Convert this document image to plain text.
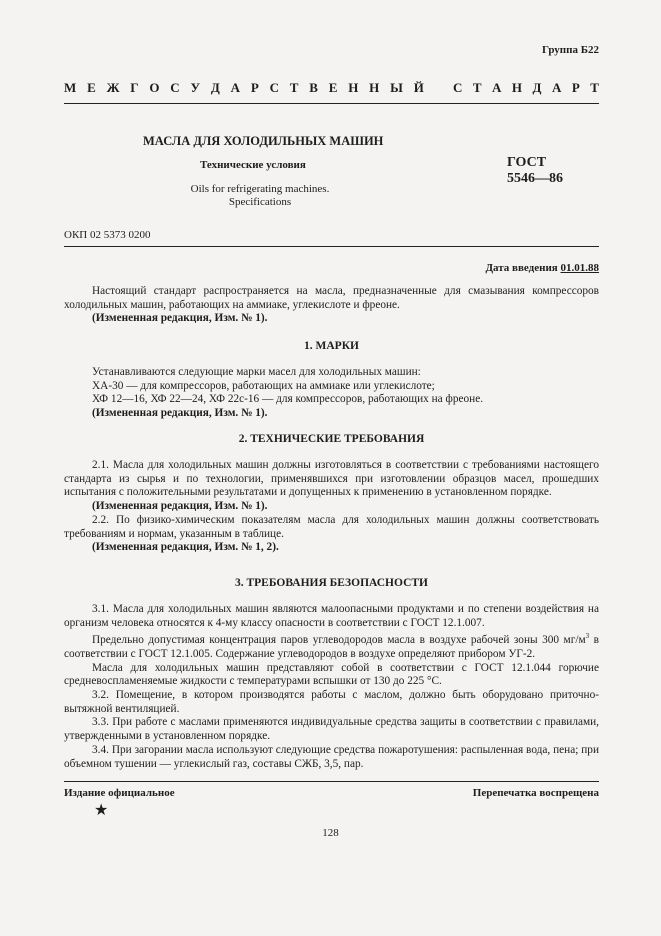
Группа Б22
М Е Ж Г О С У Д А Р С Т В Е Н Н Ы Й С Т А Н Д А Р Т
МАСЛА ДЛЯ ХОЛОДИЛЬНЫХ МАШИН
Технические условия
Oils for refrigerating machines.
Specifications
ГОСТ
5546—86
ОКП 02 5373 0200
Дата введения 01.01.88

Настоящий стандарт распространяется на масла, предназначенные для смазывания компрессоров холодильных машин, работающих на аммиаке, углекислоте и фреоне.

(Измененная редакция, Изм. № 1).

1. МАРКИ

Устанавливаются следующие марки масел для холодильных машин:

ХА-30 — для компрессоров, работающих на аммиаке или углекислоте;

ХФ 12—16, ХФ 22—24, ХФ 22с-16 — для компрессоров, работающих на фреоне.

(Измененная редакция, Изм. № 1).

2. ТЕХНИЧЕСКИЕ ТРЕБОВАНИЯ

2.1. Масла для холодильных машин должны изготовляться в соответствии с требованиями настоящего стандарта из сырья и по технологии, применявшихся при изготовлении образцов масел, прошедших испытания с положительными результатами и допущенных к применению в установленном порядке.

(Измененная редакция, Изм. № 1).

2.2. По физико-химическим показателям масла для холодильных машин должны соответствовать требованиям и нормам, указанным в таблице.

(Измененная редакция, Изм. № 1, 2).

3. ТРЕБОВАНИЯ БЕЗОПАСНОСТИ

3.1. Масла для холодильных машин являются малоопасными продуктами и по степени воздействия на организм человека относятся к 4-му классу опасности в соответствии с ГОСТ 12.1.007.

Предельно допустимая концентрация паров углеводородов масла в воздухе рабочей зоны 300 $мг/м^3$ в соответствии с ГОСТ 12.1.005. Содержание углеводородов в воздухе определяют прибором УГ-2.

Масла для холодильных машин представляют собой в соответствии с ГОСТ 12.1.044 горючие средневоспламеняемые жидкости с температурами вспышки от 130 до 225 °С.

3.2. Помещение, в котором производятся работы с маслом, должно быть оборудовано приточно-вытяжной вентиляцией.

3.3. При работе с маслами применяются индивидуальные средства защиты в соответствии с правилами, утвержденными в установленном порядке.

3.4. При загорании масла используют следующие средства пожаротушения: распыленная вода, пена; при объемном тушении — углекислый газ, составы СЖБ, 3,5, пар.

Издание официальное	Перепечатка воспрещена
★
128
